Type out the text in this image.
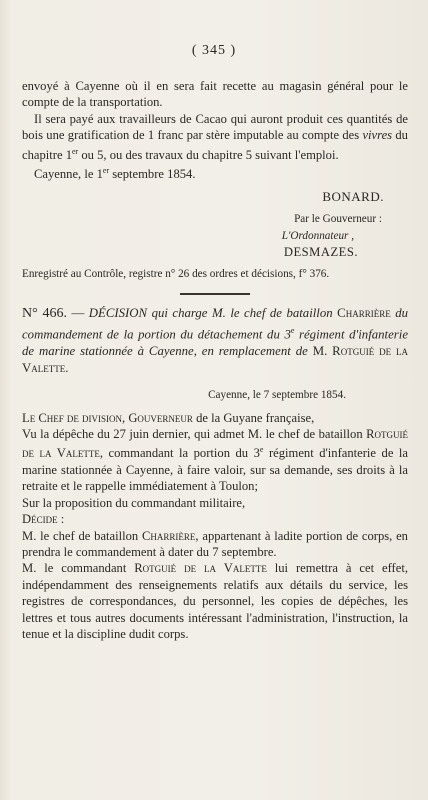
( 345 )

envoyé à Cayenne où il en sera fait recette au magasin général pour le compte de la transportation.

Il sera payé aux travailleurs de Cacao qui auront produit ces quantités de bois une gratification de 1 franc par stère imputable au compte des vivres du chapitre 1er ou 5, ou des travaux du chapitre 5 suivant l'emploi.

Cayenne, le 1er septembre 1854.

BONARD.

Par le Gouverneur :

L'Ordonnateur ,

DESMAZES.

Enregistré au Contrôle, registre n° 26 des ordres et décisions, f° 376.

N° 466. — DÉCISION qui charge M. le chef de bataillon Charrière du commandement de la portion du détachement du 3e régiment d'infanterie de marine stationnée à Cayenne, en remplacement de M. Rotguié de la Valette.

Cayenne, le 7 septembre 1854.

Le Chef de division, Gouverneur de la Guyane française,

Vu la dépêche du 27 juin dernier, qui admet M. le chef de bataillon Rotguié de la Valette, commandant la portion du 3e régiment d'infanterie de la marine stationnée à Cayenne, à faire valoir, sur sa demande, ses droits à la retraite et le rappelle immédiatement à Toulon;

Sur la proposition du commandant militaire,

Décide :

M. le chef de bataillon Charrière, appartenant à ladite portion de corps, en prendra le commandement à dater du 7 septembre.

M. le commandant Rotguié de la Valette lui remettra à cet effet, indépendamment des renseignements relatifs aux détails du service, les registres de correspondances, du personnel, les copies de dépêches, les lettres et tous autres documents intéressant l'administration, l'instruction, la tenue et la discipline dudit corps.
